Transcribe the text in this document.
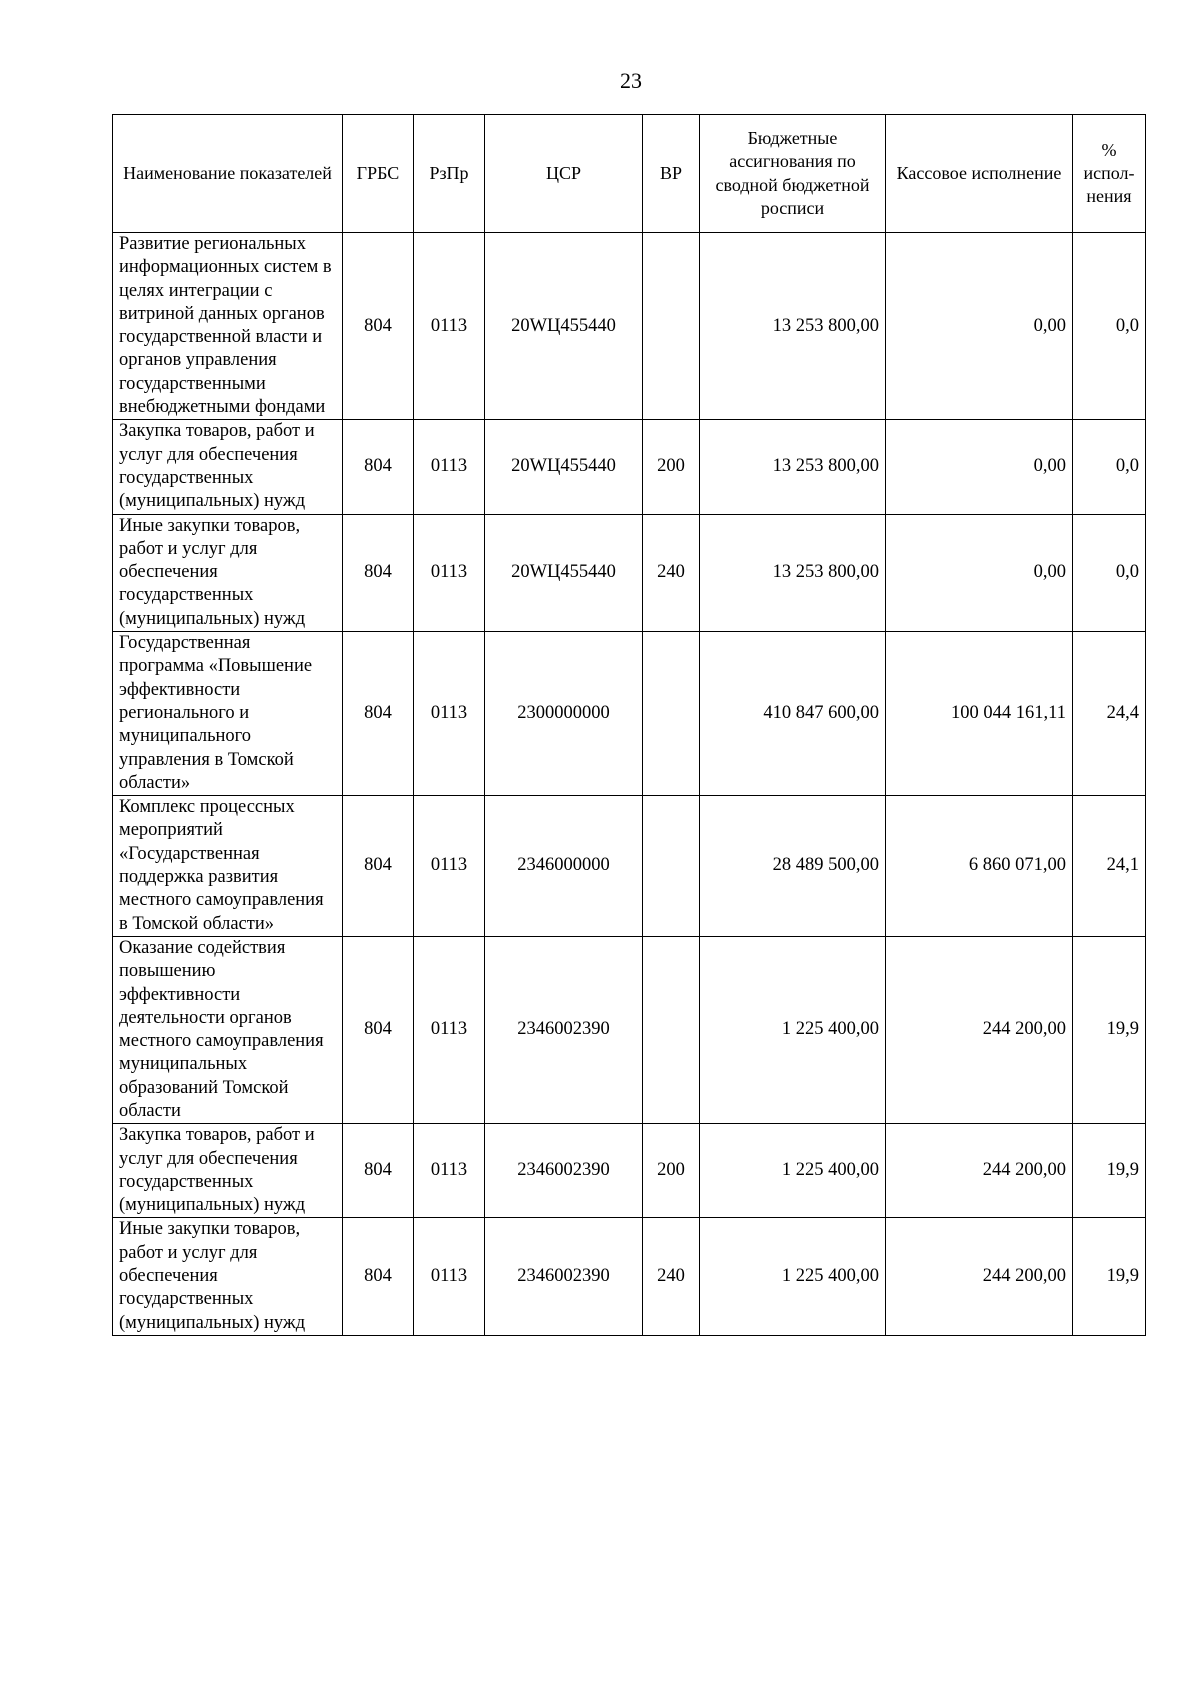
23
Наименование показателей	ГРБС	РзПр	ЦСР	ВР	Бюджетные ассигнования по сводной бюджетной росписи	Кассовое исполнение	% испол-нения
Развитие региональных информационных систем в целях интеграции с витриной данных органов государственной власти и органов управления государственными внебюджетными фондами	804	0113	20WЦ455440		13 253 800,00	0,00	0,0
Закупка товаров, работ и услуг для обеспечения государственных (муниципальных) нужд	804	0113	20WЦ455440	200	13 253 800,00	0,00	0,0
Иные закупки товаров, работ и услуг для обеспечения государственных (муниципальных) нужд	804	0113	20WЦ455440	240	13 253 800,00	0,00	0,0
Государственная программа «Повышение эффективности регионального и муниципального управления в Томской области»	804	0113	2300000000		410 847 600,00	100 044 161,11	24,4
Комплекс процессных мероприятий «Государственная поддержка развития местного самоуправления в Томской области»	804	0113	2346000000		28 489 500,00	6 860 071,00	24,1
Оказание содействия повышению эффективности деятельности органов местного самоуправления муниципальных образований Томской области	804	0113	2346002390		1 225 400,00	244 200,00	19,9
Закупка товаров, работ и услуг для обеспечения государственных (муниципальных) нужд	804	0113	2346002390	200	1 225 400,00	244 200,00	19,9
Иные закупки товаров, работ и услуг для обеспечения государственных (муниципальных) нужд	804	0113	2346002390	240	1 225 400,00	244 200,00	19,9
